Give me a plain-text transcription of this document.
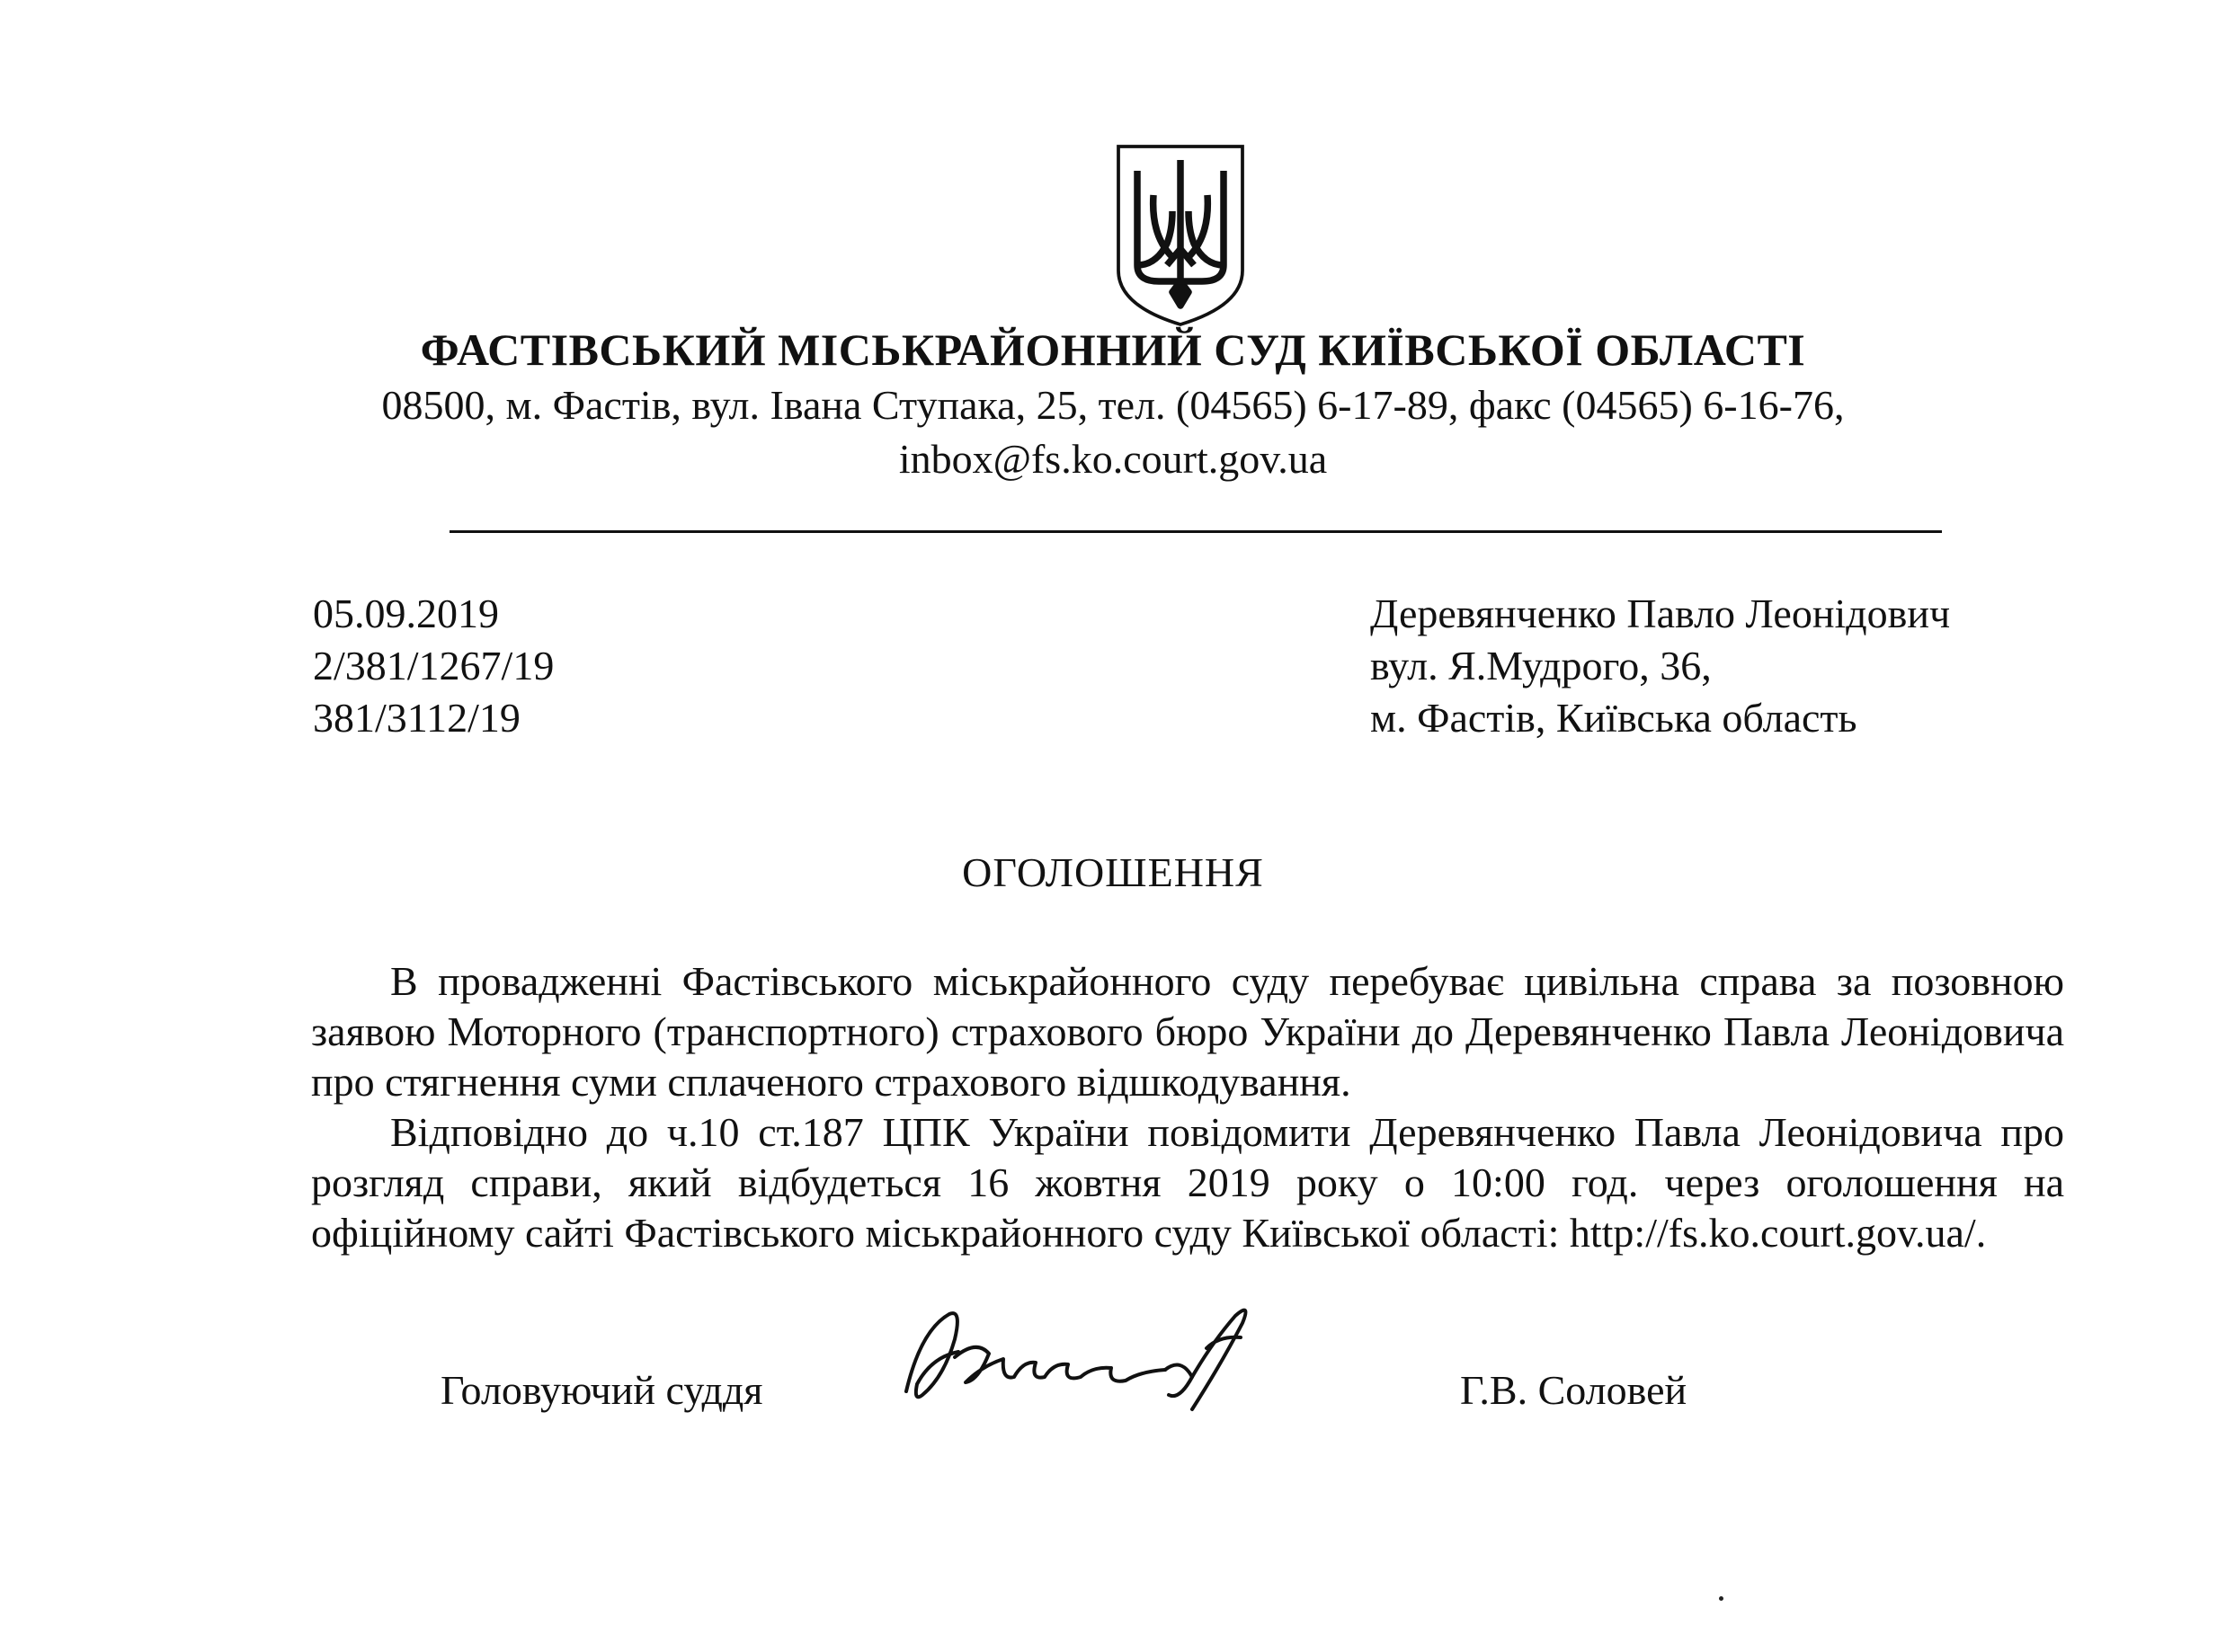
ФАСТІВСЬКИЙ МІСЬКРАЙОННИЙ СУД КИЇВСЬКОЇ ОБЛАСТІ
08500, м. Фастів, вул. Івана Ступака, 25, тел. (04565) 6-17-89, факс (04565) 6-16-76,
inbox@fs.ko.court.gov.ua
05.09.2019
2/381/1267/19
381/3112/19
Деревянченко Павло Леонідович
вул. Я.Мудрого, 36,
м. Фастів, Київська область
ОГОЛОШЕННЯ

В провадженні Фастівського міськрайонного суду перебуває цивільна справа за позовною заявою Моторного (транспортного) страхового бюро України до Деревянченко Павла Леонідовича про стягнення суми сплаченого страхового відшкодування.

Відповідно до ч.10 ст.187 ЦПК України повідомити Деревянченко Павла Леонідовича про розгляд справи, який відбудеться 16 жовтня 2019 року о 10:00 год. через оголошення на офіційному сайті Фастівського міськрайонного суду Київської області: http://fs.ko.court.gov.ua/.

Головуючий суддя	Г.В. Соловей
